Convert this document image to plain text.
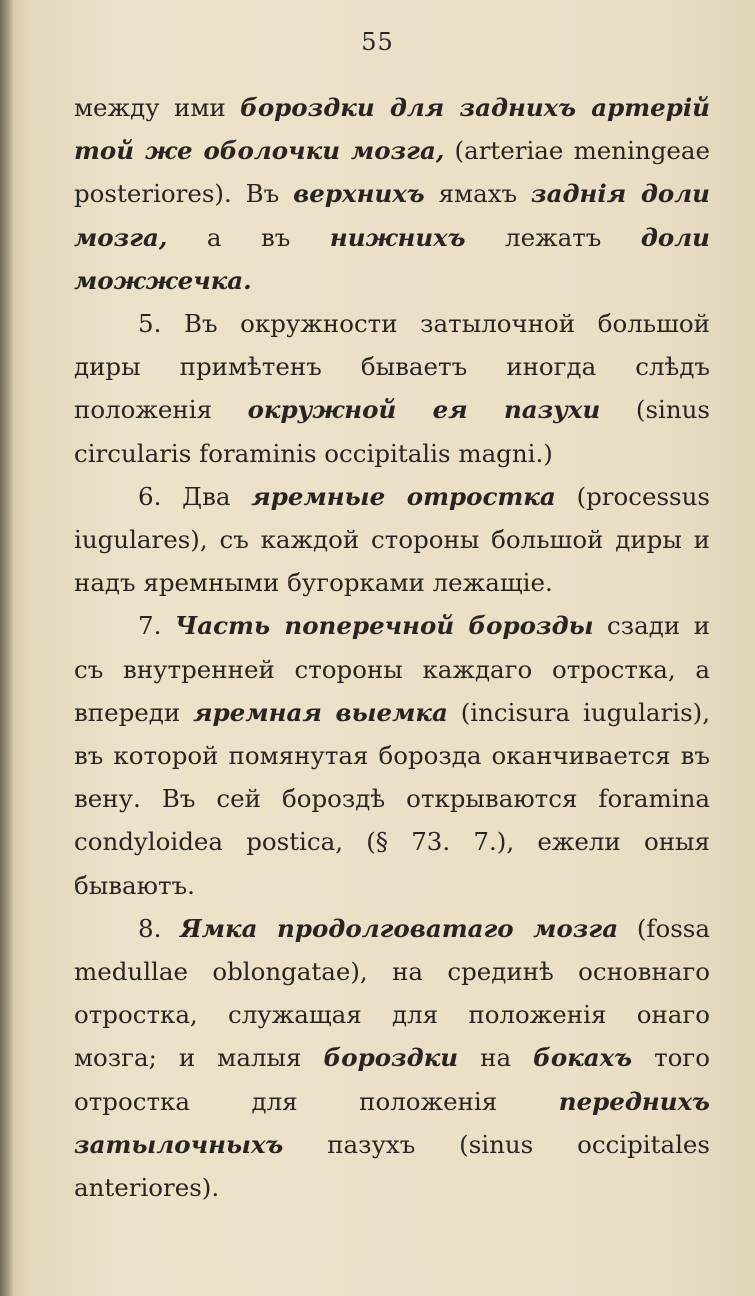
55

между ими бороздки для заднихъ артерій той же оболочки мозга, (arteriae meningeae posteriores). Въ верхнихъ ямахъ заднія доли мозга, а въ нижнихъ лежатъ доли можжечка.

5. Въ окружности затылочной большой диры примѣтенъ бываетъ иногда слѣдъ положенія окружной ея пазухи (sinus circularis foraminis occipitalis magni.)

6. Два яремные отростка (processus iugulares), съ каждой стороны большой диры и надъ яремными бугорками лежащіе.

7. Часть поперечной борозды сзади и съ внутренней стороны каждаго отростка, а впереди яремная выемка (incisura iugularis), въ которой помянутая борозда оканчивается въ вену. Въ сей бороздѣ открываются foramina condyloidea postica, (§ 73. 7.), ежели оныя бываютъ.

8. Ямка продолговатаго мозга (fossa medullae oblongatae), на срединѣ основнаго отростка, служащая для положенія онаго мозга; и малыя бороздки на бокахъ того отростка для положенія переднихъ затылочныхъ пазухъ (sinus occipitales anteriores).
